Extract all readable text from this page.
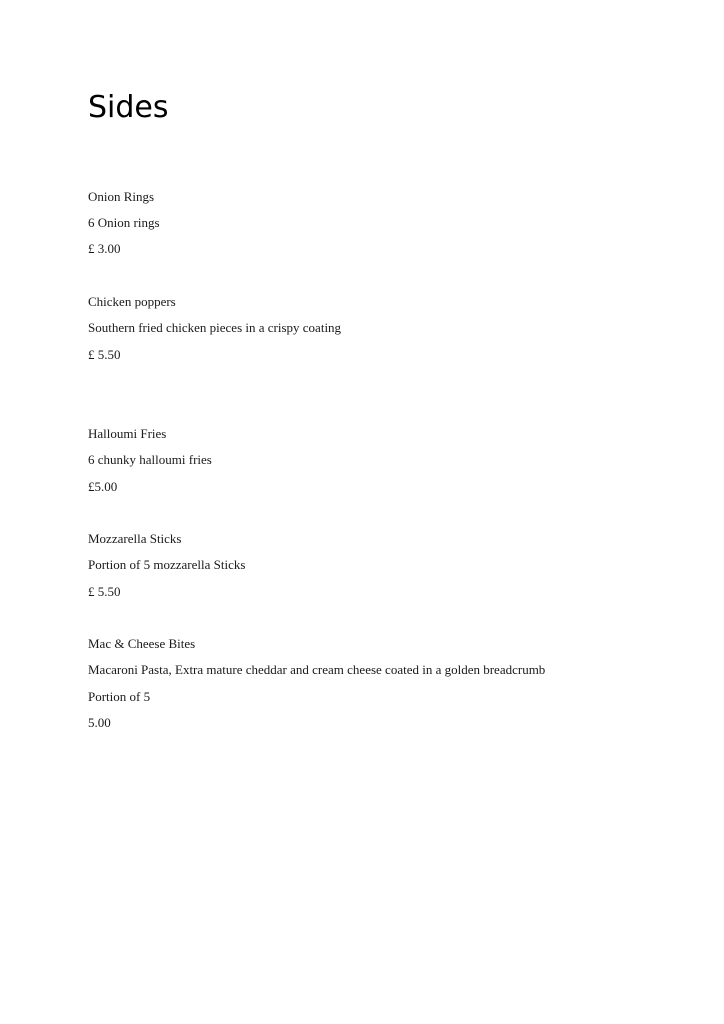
Sides

Onion Rings

6 Onion rings

£ 3.00

Chicken poppers

Southern fried chicken pieces in a crispy coating

£ 5.50

Halloumi Fries

6 chunky halloumi fries

£5.00

Mozzarella Sticks

Portion of 5 mozzarella Sticks

£ 5.50

Mac & Cheese Bites

Macaroni Pasta, Extra mature cheddar and cream cheese coated in a golden breadcrumb

Portion of 5

5.00
